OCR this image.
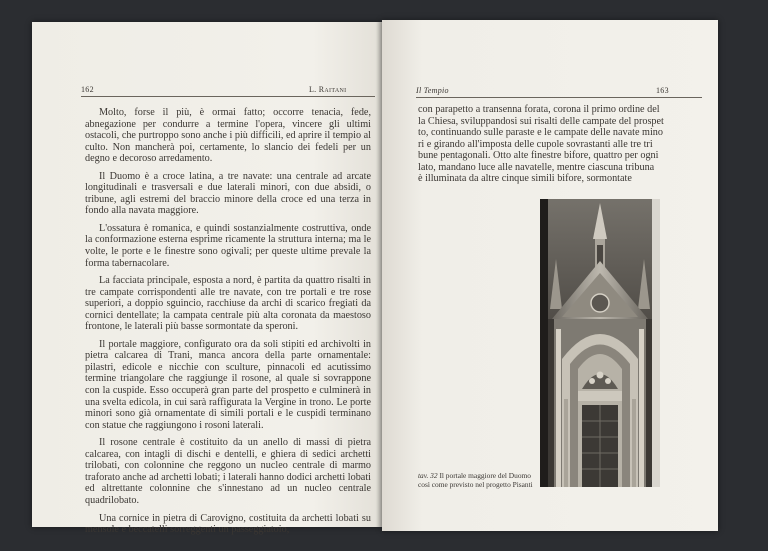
162	L. Raitani

Molto, forse il più, è ormai fatto; occorre tenacia, fede, abnegazione per condurre a termine l'opera, vincere gli ultimi ostacoli, che purtroppo sono anche i più difficili, ed aprire il tempio al culto. Non mancherà poi, certamente, lo slancio dei fedeli per un degno e decoroso arredamento.

Il Duomo è a croce latina, a tre navate: una centrale ad arcate longitudinali e trasversali e due laterali minori, con due absidi, o tribune, agli estremi del braccio minore della croce ed una terza in fondo alla navata maggiore.

L'ossatura è romanica, e quindi sostanzialmente costruttiva, onde la conformazione esterna esprime ricamente la struttura interna; ma le volte, le porte e le finestre sono ogivali; per queste ultime prevale la forma tabernacolare.

La facciata principale, esposta a nord, è partita da quattro risalti in tre campate corrispondenti alle tre navate, con tre portali e tre rose superiori, a doppio sguincio, racchiuse da archi di scarico fregiati da cornici dentellate; la campata centrale più alta coronata da maestoso frontone, le laterali più basse sormontate da speroni.

Il portale maggiore, configurato ora da soli stipiti ed archivolti in pietra calcarea di Trani, manca ancora della parte ornamentale: pilastri, edicole e nicchie con sculture, pinnacoli ed acutissimo termine triangolare che raggiunge il rosone, al quale si sovrappone con la cuspide. Esso occuperà gran parte del prospetto e culminerà in una svelta edicola, in cui sarà raffigurata la Vergine in trono. Le porte minori sono già ornamentate di simili portali e le cuspidi terminano con statue che raggiungono i rosoni laterali.

Il rosone centrale è costituito da un anello di massi di pietra calcarea, con intagli di dischi e dentelli, e ghiera di sedici archetti trilobati, con colonnine che reggono un nucleo centrale di marmo traforato anche ad archetti lobati; i laterali hanno dodici archetti lobati ed altrettante colonnine che s'innestano ad un nucleo centrale quadrilobato.

Una cornice in pietra di Carovigno, costituita da archetti lobati su mensole e beccatelli sorreggenti un passeggiatoio,

Il Tempio	163

con parapetto a transenna forata, corona il primo ordine del

la Chiesa, sviluppandosi sui risalti delle campate del prospet

to, continuando sulle paraste e le campate delle navate mino

ri e girando all'imposta delle cupole sovrastanti alle tre tri

bune pentagonali. Otto alte finestre bifore, quattro per ogni

lato, mandano luce alle navatelle, mentre ciascuna tribuna

è illuminata da altre cinque simili bifore, sormontate

tav. 32 Il portale maggiore del Duomo così come previsto nel progetto Pisanti
